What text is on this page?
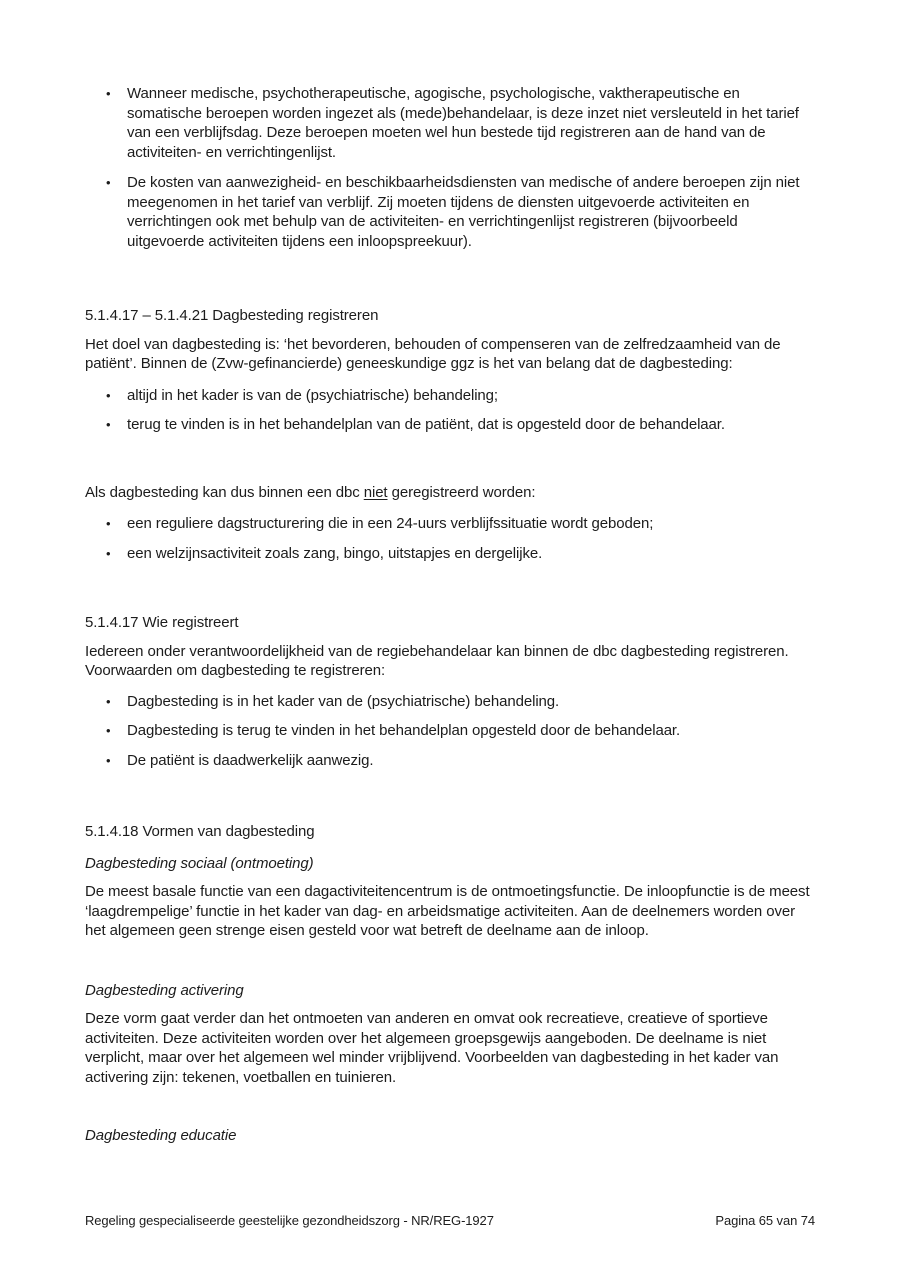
• Wanneer medische, psychotherapeutische, agogische, psychologische, vaktherapeutische en somatische beroepen worden ingezet als (mede)behandelaar, is deze inzet niet versleuteld in het tarief van een verblijfsdag. Deze beroepen moeten wel hun bestede tijd registreren aan de hand van de activiteiten- en verrichtingenlijst.
• De kosten van aanwezigheid- en beschikbaarheidsdiensten van medische of andere beroepen zijn niet meegenomen in het tarief van verblijf. Zij moeten tijdens de diensten uitgevoerde activiteiten en verrichtingen ook met behulp van de activiteiten- en verrichtingenlijst registreren (bijvoorbeeld uitgevoerde activiteiten tijdens een inloopspreekuur).
5.1.4.17 – 5.1.4.21 Dagbesteding registreren

Het doel van dagbesteding is: ‘het bevorderen, behouden of compenseren van de zelfredzaamheid van de patiënt’. Binnen de (Zvw-gefinancierde) geneeskundige ggz is het van belang dat de dagbesteding:

• altijd in het kader is van de (psychiatrische) behandeling;
• terug te vinden is in het behandelplan van de patiënt, dat is opgesteld door de behandelaar.

Als dagbesteding kan dus binnen een dbc niet geregistreerd worden:

• een reguliere dagstructurering die in een 24-uurs verblijfssituatie wordt geboden;
• een welzijnsactiviteit zoals zang, bingo, uitstapjes en dergelijke.
5.1.4.17 Wie registreert

Iedereen onder verantwoordelijkheid van de regiebehandelaar kan binnen de dbc dagbesteding registreren. Voorwaarden om dagbesteding te registreren:

• Dagbesteding is in het kader van de (psychiatrische) behandeling.
• Dagbesteding is terug te vinden in het behandelplan opgesteld door de behandelaar.
• De patiënt is daadwerkelijk aanwezig.
5.1.4.18 Vormen van dagbesteding
Dagbesteding sociaal (ontmoeting)

De meest basale functie van een dagactiviteitencentrum is de ontmoetingsfunctie. De inloopfunctie is de meest ‘laagdrempelige’ functie in het kader van dag- en arbeidsmatige activiteiten. Aan de deelnemers worden over het algemeen geen strenge eisen gesteld voor wat betreft de deelname aan de inloop.

Dagbesteding activering

Deze vorm gaat verder dan het ontmoeten van anderen en omvat ook recreatieve, creatieve of sportieve activiteiten. Deze activiteiten worden over het algemeen groepsgewijs aangeboden. De deelname is niet verplicht, maar over het algemeen wel minder vrijblijvend. Voorbeelden van dagbesteding in het kader van activering zijn: tekenen, voetballen en tuinieren.

Dagbesteding educatie
Regeling gespecialiseerde geestelijke gezondheidszorg - NR/REG-1927	Pagina 65 van 74
